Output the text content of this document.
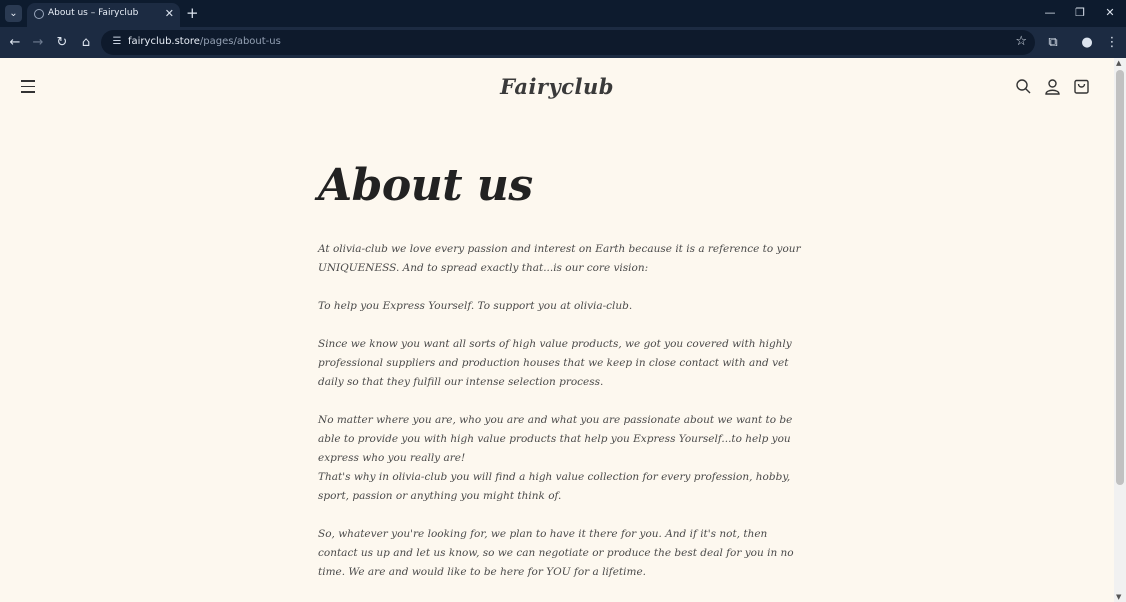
⌄	About us – Fairyclub ✕ +	—	❐	✕
← → ↻	⌂	☰ fairyclub.store/pages/about-us	☆	⧉	● ⋮
Fairyclub
About us

At olivia-club we love every passion and interest on Earth because it is a reference to your UNIQUENESS. And to spread exactly that...is our core vision:

To help you Express Yourself. To support you at olivia-club.

Since we know you want all sorts of high value products, we got you covered with highly professional suppliers and production houses that we keep in close contact with and vet daily so that they fulfill our intense selection process.

No matter where you are, who you are and what you are passionate about we want to be able to provide you with high value products that help you Express Yourself...to help you express who you really are!

That's why in olivia-club you will find a high value collection for every profession, hobby, sport, passion or anything you might think of.

So, whatever you're looking for, we plan to have it there for you. And if it's not, then contact us up and let us know, so we can negotiate or produce the best deal for you in no time. We are and would like to be here for YOU for a lifetime.

▲
▼
